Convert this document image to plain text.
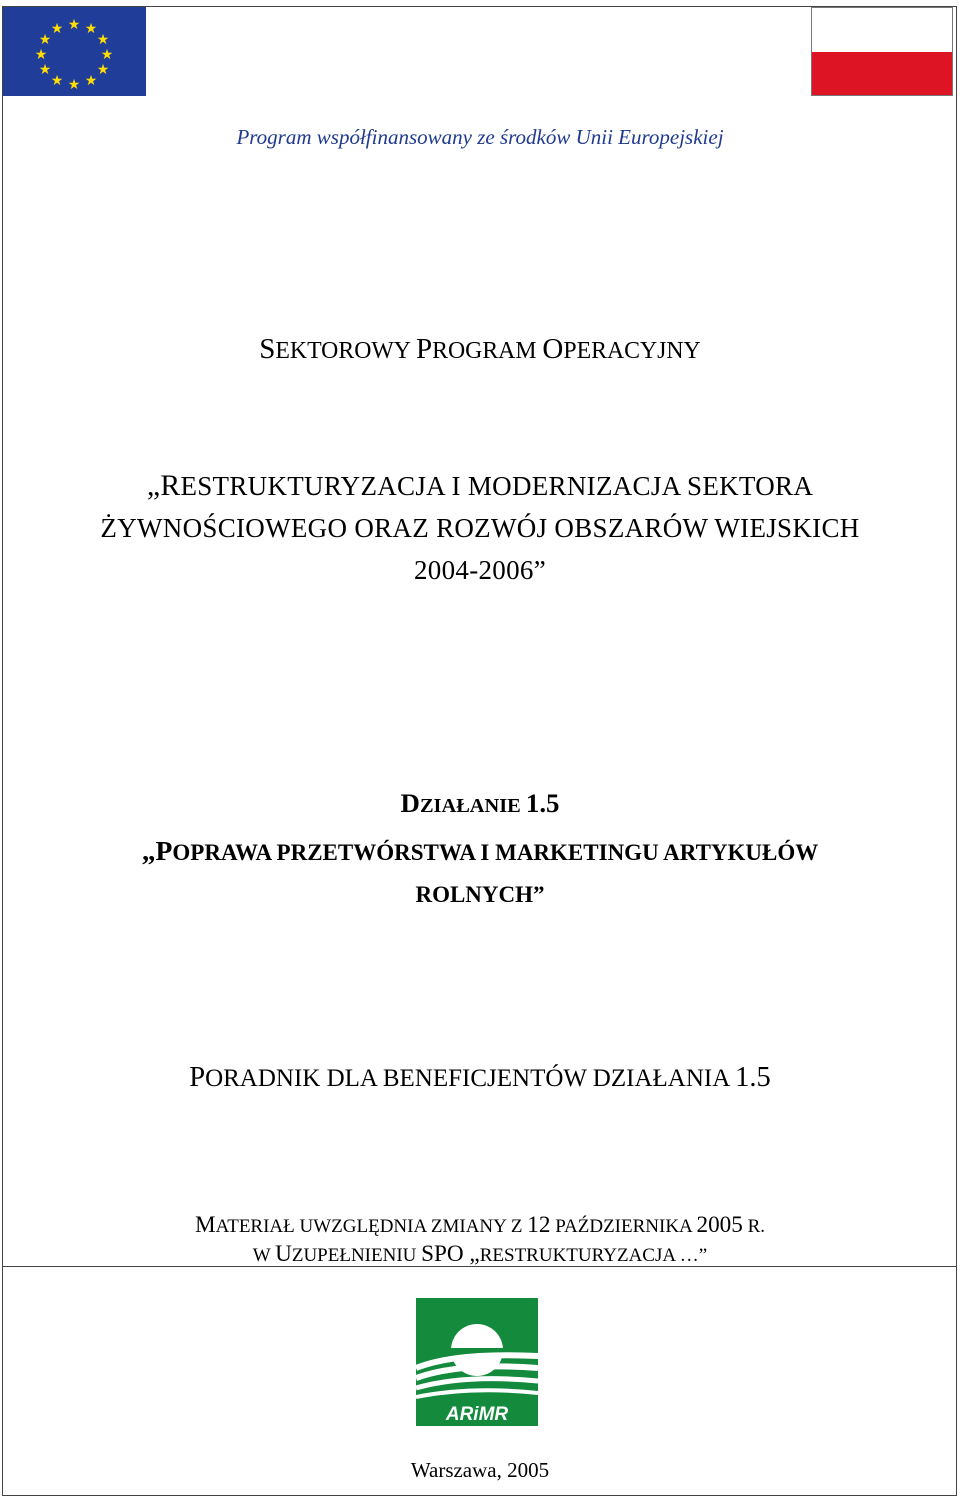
★ ★
★
★
★
★
★
★
★
★
★
★
Program współfinansowany ze środków Unii Europejskiej
SEKTOROWY PROGRAM OPERACYJNY
„RESTRUKTURYZACJA I MODERNIZACJA SEKTORA
ŻYWNOŚCIOWEGO ORAZ ROZWÓJ OBSZARÓW WIEJSKICH
2004-2006”
DZIAŁANIE 1.5
„POPRAWA PRZETWÓRSTWA I MARKETINGU ARTYKUŁÓW
ROLNYCH”
PORADNIK DLA BENEFICJENTÓW DZIAŁANIA 1.5
MATERIAŁ UWZGLĘDNIA ZMIANY Z 12 PAŹDZIERNIKA 2005 R.
W UZUPEŁNIENIU SPO „RESTRUKTURYZACJA …”
ARiMR
Warszawa, 2005
